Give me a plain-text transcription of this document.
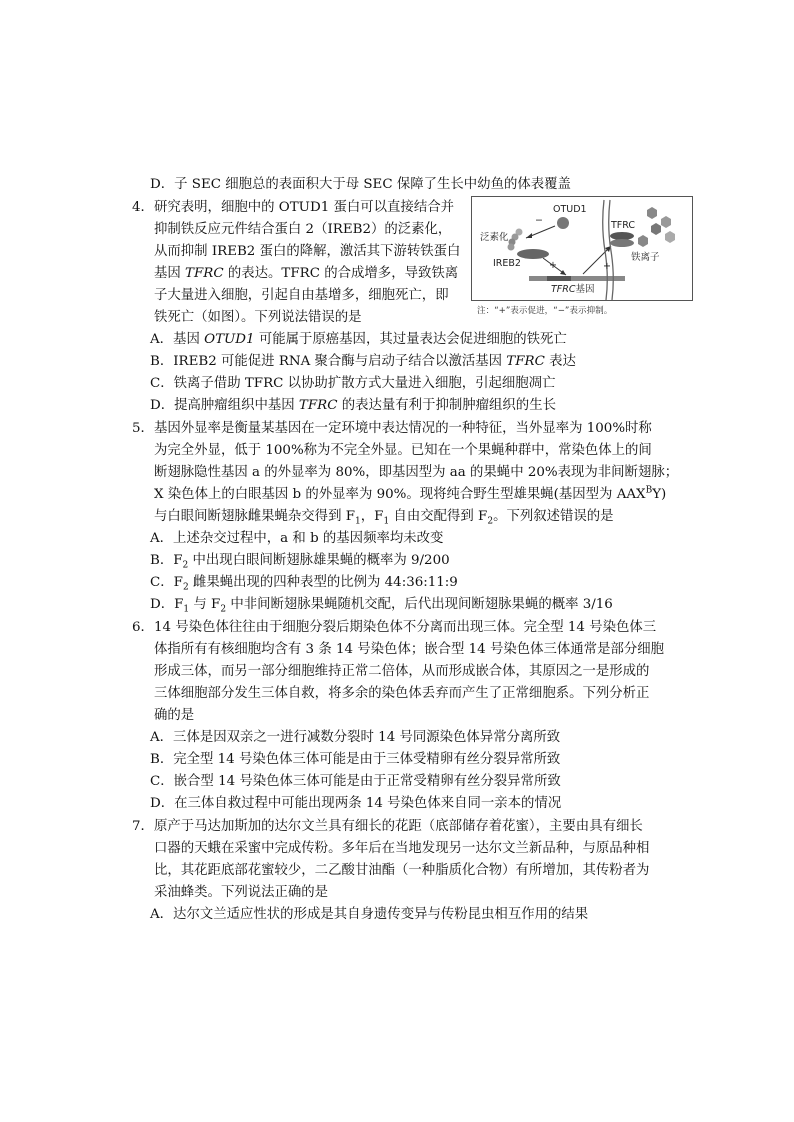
D．子 SEC 细胞总的表面积大于母 SEC 保障了生长中幼鱼的体表覆盖
4． 研究表明，细胞中的 OTUD1 蛋白可以直接结合并
抑制铁反应元件结合蛋白 2（IREB2）的泛素化，
从而抑制 IREB2 蛋白的降解，激活其下游转铁蛋白
基因 TFRC 的表达。TFRC 的合成增多，导致铁离
子大量进入细胞，引起自由基增多，细胞死亡，即
铁死亡（如图）。下列说法错误的是
OTUD1
−
泛素化
IREB2	+	+
TFRC
铁离子
TFRC基因
注：“+”表示促进，“−”表示抑制。
A．基因 OTUD1 可能属于原癌基因，其过量表达会促进细胞的铁死亡
B．IREB2 可能促进 RNA 聚合酶与启动子结合以激活基因 TFRC 表达
C．铁离子借助 TFRC 以协助扩散方式大量进入细胞，引起细胞凋亡
D．提高肿瘤组织中基因 TFRC 的表达量有利于抑制肿瘤组织的生长
5． 基因外显率是衡量某基因在一定环境中表达情况的一种特征，当外显率为 100%时称
为完全外显，低于 100%称为不完全外显。已知在一个果蝇种群中，常染色体上的间
断翅脉隐性基因 a 的外显率为 80%，即基因型为 aa 的果蝇中 20%表现为非间断翅脉；
X 染色体上的白眼基因 b 的外显率为 90%。现将纯合野生型雄果蝇(基因型为 $AAX^BY$)
与白眼间断翅脉雌果蝇杂交得到 $F_1$，$F_1$ 自由交配得到 $F_2$。下列叙述错误的是
A．上述杂交过程中，a 和 b 的基因频率均未改变
B．$F_2$ 中出现白眼间断翅脉雄果蝇的概率为 9/200
C．$F_2$ 雌果蝇出现的四种表型的比例为 44:36:11:9
D．$F_1$ 与 $F_2$ 中非间断翅脉果蝇随机交配，后代出现间断翅脉果蝇的概率 3/16
6． 14 号染色体往往由于细胞分裂后期染色体不分离而出现三体。完全型 14 号染色体三
体指所有有核细胞均含有 3 条 14 号染色体；嵌合型 14 号染色体三体通常是部分细胞
形成三体，而另一部分细胞维持正常二倍体，从而形成嵌合体，其原因之一是形成的
三体细胞部分发生三体自救，将多余的染色体丢弃而产生了正常细胞系。下列分析正
确的是
A．三体是因双亲之一进行减数分裂时 14 号同源染色体异常分离所致
B．完全型 14 号染色体三体可能是由于三体受精卵有丝分裂异常所致
C．嵌合型 14 号染色体三体可能是由于正常受精卵有丝分裂异常所致
D．在三体自救过程中可能出现两条 14 号染色体来自同一亲本的情况
7． 原产于马达加斯加的达尔文兰具有细长的花距（底部储存着花蜜），主要由具有细长
口器的天蛾在采蜜中完成传粉。多年后在当地发现另一达尔文兰新品种，与原品种相
比，其花距底部花蜜较少，二乙酸甘油酯（一种脂质化合物）有所增加，其传粉者为
采油蜂类。下列说法正确的是
A．达尔文兰适应性状的形成是其自身遗传变异与传粉昆虫相互作用的结果
